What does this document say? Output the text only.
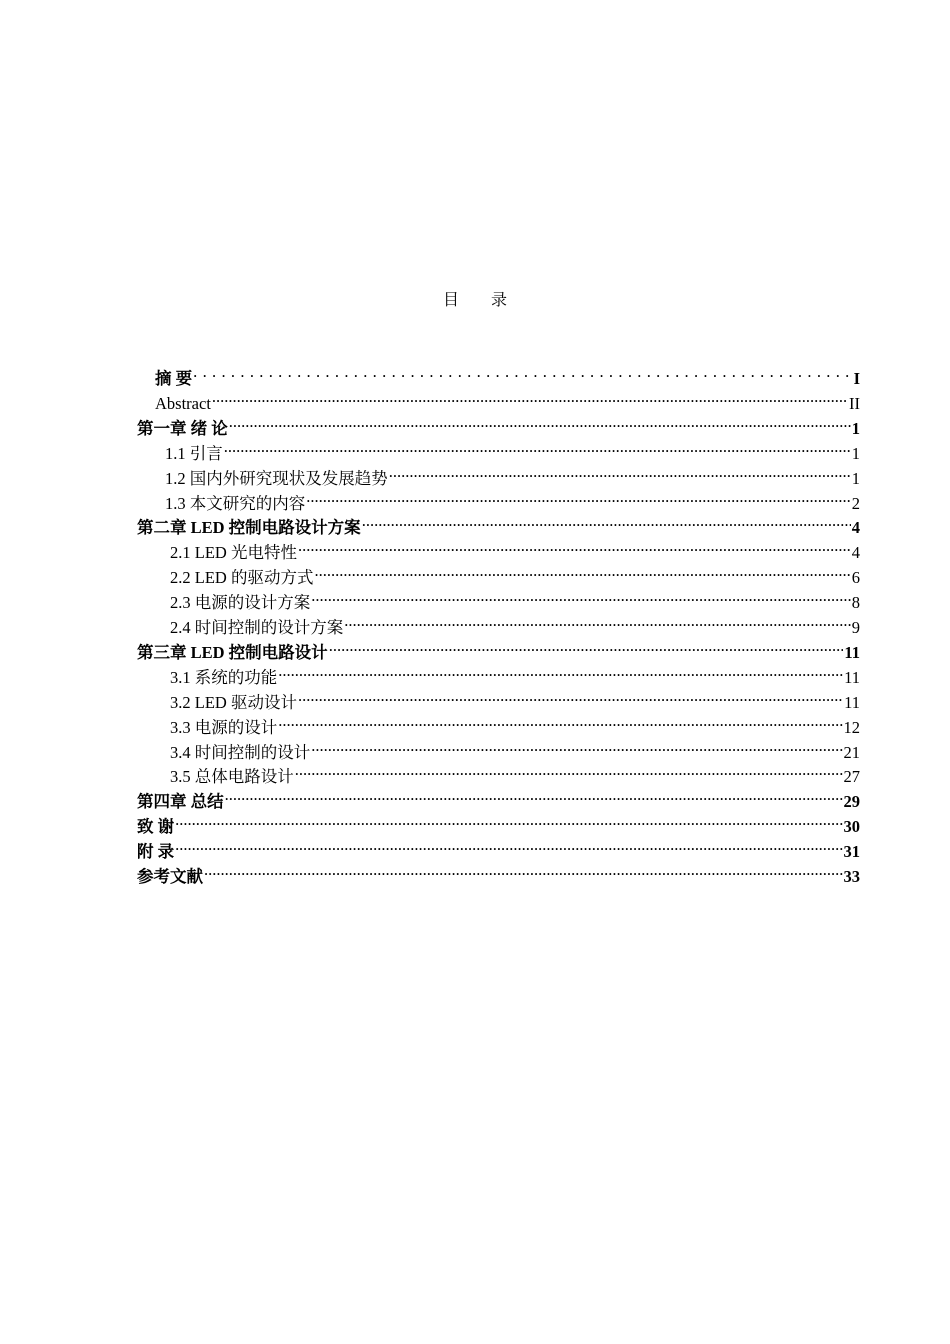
目 录
摘 要 . . .	I
Abstract .....	II
第一章 绪 论 .....	1
1.1 引言 .....	1
1.2 国内外研究现状及发展趋势 .....	1
1.3 本文研究的内容 .....	2
第二章 LED 控制电路设计方案 .....	4
2.1 LED 光电特性 .....	4
2.2 LED 的驱动方式 .....	6
2.3 电源的设计方案 .....	8
2.4 时间控制的设计方案 .....	9
第三章 LED 控制电路设计 .....	11
3.1 系统的功能 .....	11
3.2 LED 驱动设计 .....	11
3.3 电源的设计 .....	12
3.4 时间控制的设计 .....	21
3.5 总体电路设计 .....	27
第四章 总结 .....	29
致 谢 .....	30
附 录 .....	31
参考文献 .....	33
